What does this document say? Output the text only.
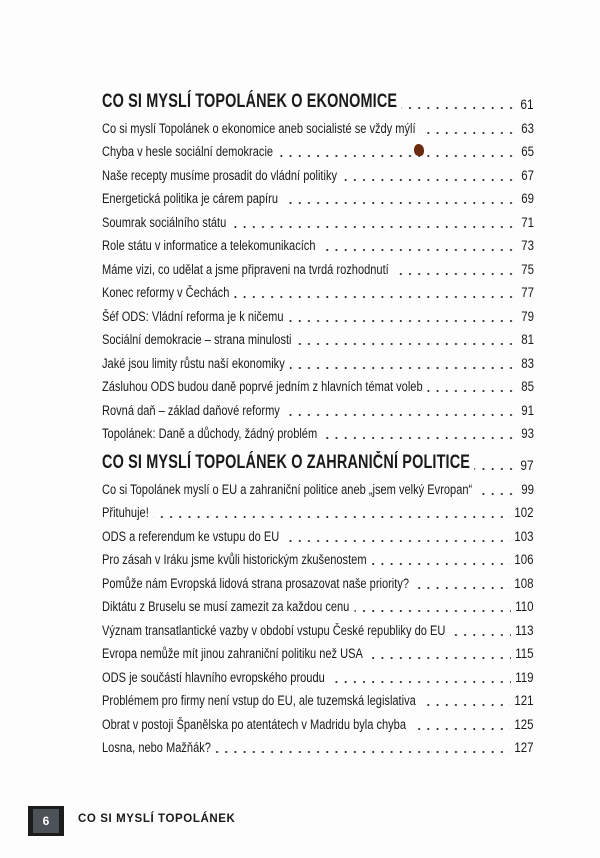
CO SI MYSLÍ TOPOLÁNEK O EKONOMICE	61
Co si myslí Topolánek o ekonomice aneb socialisté se vždy mýlí	63
Chyba v hesle sociální demokracie	65
Naše recepty musíme prosadit do vládní politiky	67
Energetická politika je cárem papíru	69
Soumrak sociálního státu	71
Role státu v informatice a telekomunikacích	73
Máme vizi, co udělat a jsme připraveni na tvrdá rozhodnutí	75
Konec reformy v Čechách	77
Šéf ODS: Vládní reforma je k ničemu	79
Sociální demokracie – strana minulosti	81
Jaké jsou limity růstu naší ekonomiky	83
Zásluhou ODS budou daně poprvé jedním z hlavních témat voleb	85
Rovná daň – základ daňové reformy	91
Topolánek: Daně a důchody, žádný problém	93
CO SI MYSLÍ TOPOLÁNEK O ZAHRANIČNÍ POLITICE	97
Co si Topolánek myslí o EU a zahraniční politice aneb „jsem velký Evropan“	99
Přituhuje!	102
ODS a referendum ke vstupu do EU	103
Pro zásah v Iráku jsme kvůli historickým zkušenostem	106
Pomůže nám Evropská lidová strana prosazovat naše priority?	108
Diktátu z Bruselu se musí zamezit za každou cenu	110
Význam transatlantické vazby v období vstupu České republiky do EU	113
Evropa nemůže mít jinou zahraniční politiku než USA	115
ODS je součástí hlavního evropského proudu	119
Problémem pro firmy není vstup do EU, ale tuzemská legislativa	121
Obrat v postoji Španělska po atentátech v Madridu byla chyba	125
Losna, nebo Mažňák?	127
6	CO SI MYSLÍ TOPOLÁNEK
